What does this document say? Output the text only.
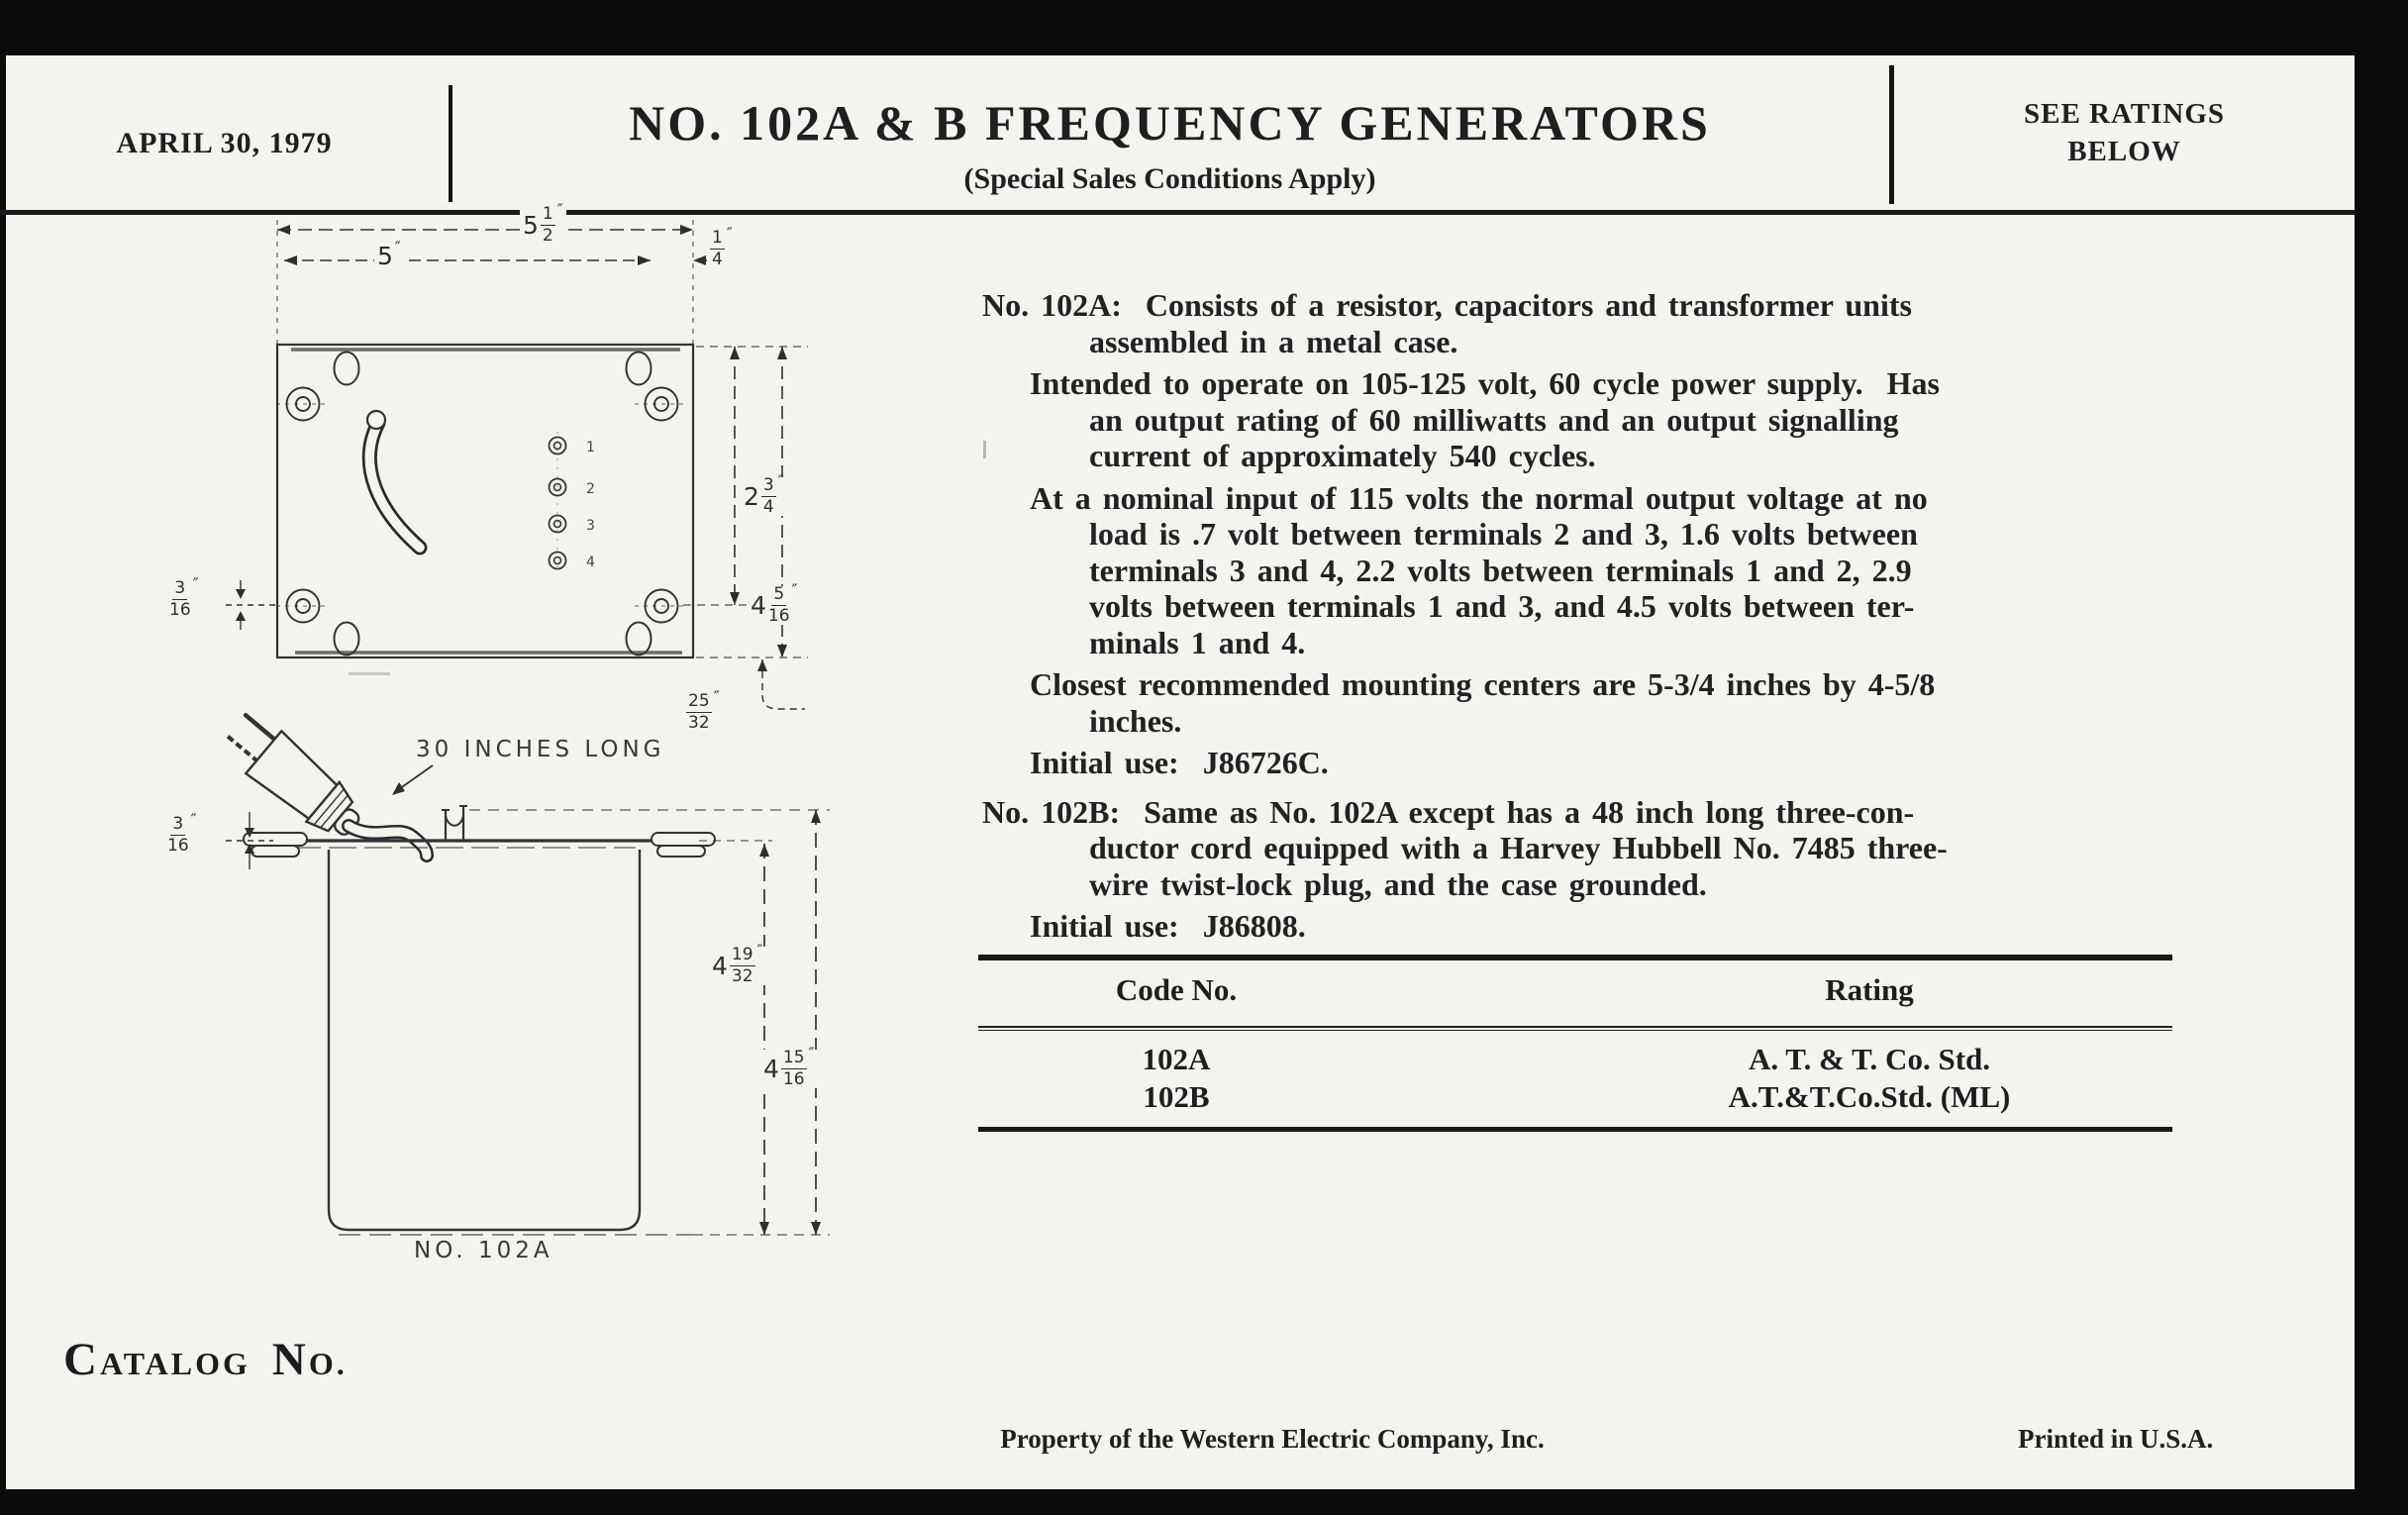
APRIL 30, 1979	NO. 102A & B FREQUENCY GENERATORS
(Special Sales Conditions Apply)
SEE RATINGS
BELOW
1
2
3
4
$5 \frac{1}{2}$ ″
5 ″	$\frac{1}{4}$ ″
$2 \frac{3}{4}$ ″
$4 \frac{5}{16}$ ″
$\frac{3}{16}$ ″
$\frac{25}{32}$ ″
$\frac{3}{16}$ ″
$4 \frac{19}{32}$ ″
$4 \frac{15}{16}$ ″
30 INCHES LONG
NO. 102A
No. 102A:  Consists of a resistor, capacitors and transformer units
assembled in a metal case.
Intended to operate on 105-125 volt, 60 cycle power supply.  Has
an output rating of 60 milliwatts and an output signalling
current of approximately 540 cycles.
At a nominal input of 115 volts the normal output voltage at no
load is .7 volt between terminals 2 and 3, 1.6 volts between
terminals 3 and 4, 2.2 volts between terminals 1 and 2, 2.9
volts between terminals 1 and 3, and 4.5 volts between ter-
minals 1 and 4.
Closest recommended mounting centers are 5-3/4 inches by 4-5/8
inches.
Initial use:  J86726C.
No. 102B:  Same as No. 102A except has a 48 inch long three-con-
ductor cord equipped with a Harvey Hubbell No. 7485 three-
wire twist-lock plug, and the case grounded.
Initial use:  J86808.
Code No.	Rating
102A	A. T. & T. Co. Std.
102B	A.T.&T.Co.Std. (ML)
CATALOG NO.
Property of the Western Electric Company, Inc.	Printed in U.S.A.
